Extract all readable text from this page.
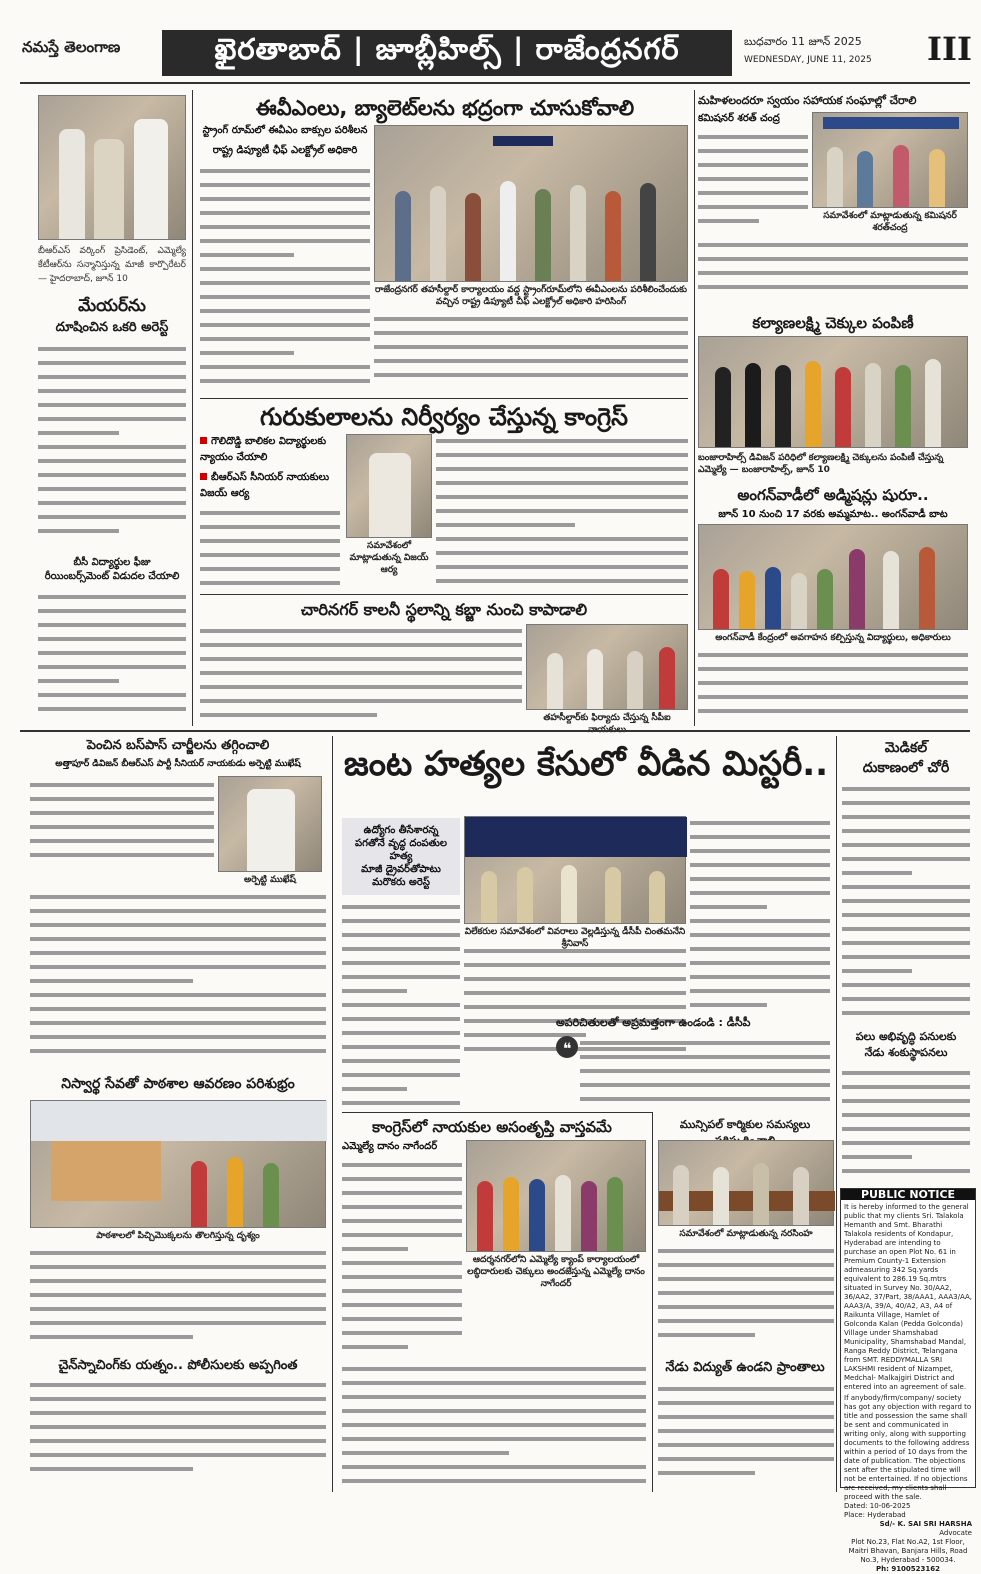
నమస్తే తెలంగాణ	ఖైరతాబాద్ | జూబ్లీహిల్స్ | రాజేంద్రనగర్	బుధవారం 11 జూన్ 2025
WEDNESDAY, JUNE 11, 2025 III
బీఆర్‌ఎస్ వర్కింగ్ ప్రెసిడెంట్, ఎమ్మెల్యే కేటీఆర్‌ను సన్మానిస్తున్న మాజీ కార్పొరేటర్ — హైదరాబాద్, జూన్ 10
మేయర్‌ను
దూషించిన ఒకరి అరెస్ట్
బీసీ విద్యార్థుల ఫీజు
రీయింబర్స్‌మెంట్ విడుదల చేయాలి
ఈవీఎంలు, బ్యాలెట్‌లను భద్రంగా చూసుకోవాలి
స్ట్రాంగ్ రూమ్‌లో ఈవీఎం బాక్సుల పరిశీలన
రాష్ట్ర డిప్యూటీ ఛీఫ్ ఎలక్ట్రోల్ అధికారి
రాజేంద్రనగర్ తహసీల్దార్ కార్యాలయం వద్ద స్ట్రాంగ్‌రూమ్‌లోని ఈవీఎంలను పరిశీలించేందుకు వచ్చిన రాష్ట్ర డిప్యూటీ చీఫ్ ఎలక్ట్రోల్ అధికారి హరిసింగ్
మహిళలందరూ స్వయం సహాయక సంఘాల్లో చేరాలి
కమిషనర్ శరత్ చంద్ర
సమావేశంలో మాట్లాడుతున్న కమిషనర్ శరత్‌చంద్ర
కల్యాణలక్ష్మి చెక్కుల పంపిణీ
బంజారాహిల్స్ డివిజన్ పరిధిలో కల్యాణలక్ష్మి చెక్కులను పంపిణీ చేస్తున్న ఎమ్మెల్యే — బంజారాహిల్స్, జూన్ 10
అంగన్‌వాడీలో అడ్మిషన్లు షురూ..
జూన్ 10 నుంచి 17 వరకు అమ్మమాట.. అంగన్‌వాడీ బాట
అంగన్‌వాడీ కేంద్రంలో అవగాహన కల్పిస్తున్న విద్యార్థులు, అధికారులు
గురుకులాలను నిర్వీర్యం చేస్తున్న కాంగ్రెస్
గౌలిదొడ్డి బాలికల విద్యార్థులకు న్యాయం చేయాలి
బీఆర్‌ఎస్ సీనియర్ నాయకులు విజయ్ ఆర్య
సమావేశంలో మాట్లాడుతున్న విజయ్ ఆర్య
చారినగర్ కాలనీ స్థలాన్ని కబ్జా నుంచి కాపాడాలి
తహసీల్దార్‌కు ఫిర్యాదు చేస్తున్న సీపీఐ
పెంచిన బస్‌పాస్ చార్జీలను తగ్గించాలి
అత్తాపూర్ డివిజన్ బీఆర్‌ఎస్ పార్టీ సీనియర్ నాయకుడు అర్పెట్టి ముఖేష్
అర్పెట్టి ముఖేష్
నిస్వార్థ సేవతో పాఠశాల ఆవరణం పరిశుభ్రం
పాఠశాలలో పిచ్చిమొక్కలను తొలగిస్తున్న దృశ్యం
చైన్‌స్నాచింగ్‌కు యత్నం.. పోలీసులకు అప్పగింత
జంట హత్యల కేసులో వీడిన మిస్టరీ..
ఉద్యోగం తీసేశారన్న
పగతోనే వృద్ధ దంపతుల హత్య
మాజీ డ్రైవర్‌తోపాటు మరొకరు అరెస్ట్
విలేకరుల సమావేశంలో వివరాలు వెల్లడిస్తున్న డీసీపీ చింతమనేని శ్రీనివాస్
అపరిచితులతో అప్రమత్తంగా ఉండండి : డీసీపీ
❝
మెడికల్
దుకాణంలో చోరీ
పలు అభివృద్ధి పనులకు
నేడు శంకుస్థాపనలు
PUBLIC NOTICE
It is hereby informed to the general public that my clients Sri. Talakola Hemanth and Smt. Bharathi Talakola residents of Kondapur, Hyderabad are intending to purchase an open Plot No. 61 in Premium County-1 Extension admeasuring 342 Sq.yards equivalent to 286.19 Sq.mtrs situated in Survey No. 30/AA2, 36/AA2, 37/Part, 38/AAA1, AAA3/AA, AAA3/A, 39/A, 40/A2, A3, A4 of Raikunta Village, Hamlet of Golconda Kalan (Pedda Golconda) Village under Shamshabad Municipality, Shamshabad Mandal, Ranga Reddy District, Telangana from SMT. REDDYMALLA SRI LAKSHMI resident of Nizampet, Medchal- Malkajgiri District and entered into an agreement of sale.
If anybody/firm/company/ society has got any objection with regard to title and possession the same shall be sent and communicated in writing only, along with supporting documents to the following address within a period of 10 days from the date of publication. The objections sent after the stipulated time will not be entertained. If no objections are received, my clients shall proceed with the sale.
Dated: 10-06-2025
Place: Hyderabad
Sd/- K. SAI SRI HARSHA
Advocate
Plot No.23, Flat No.A2, 1st Floor, Maitri Bhavan, Banjara Hills, Road No.3, Hyderabad - 500034.
Ph: 9100523162
కాంగ్రెస్‌లో నాయకుల అసంతృప్తి వాస్తవమే
ఎమ్మెల్యే దానం నాగేందర్
ఆదర్శనగర్‌లోని ఎమ్మెల్యే క్యాంప్ కార్యాలయంలో లబ్ధిదారులకు చెక్కులు అందజేస్తున్న ఎమ్మెల్యే దానం నాగేందర్
మున్సిపల్ కార్మికుల సమస్యలు
సమావేశంలో మాట్లాడుతున్న నరసింహ
నేడు విద్యుత్ ఉండని ప్రాంతాలు
